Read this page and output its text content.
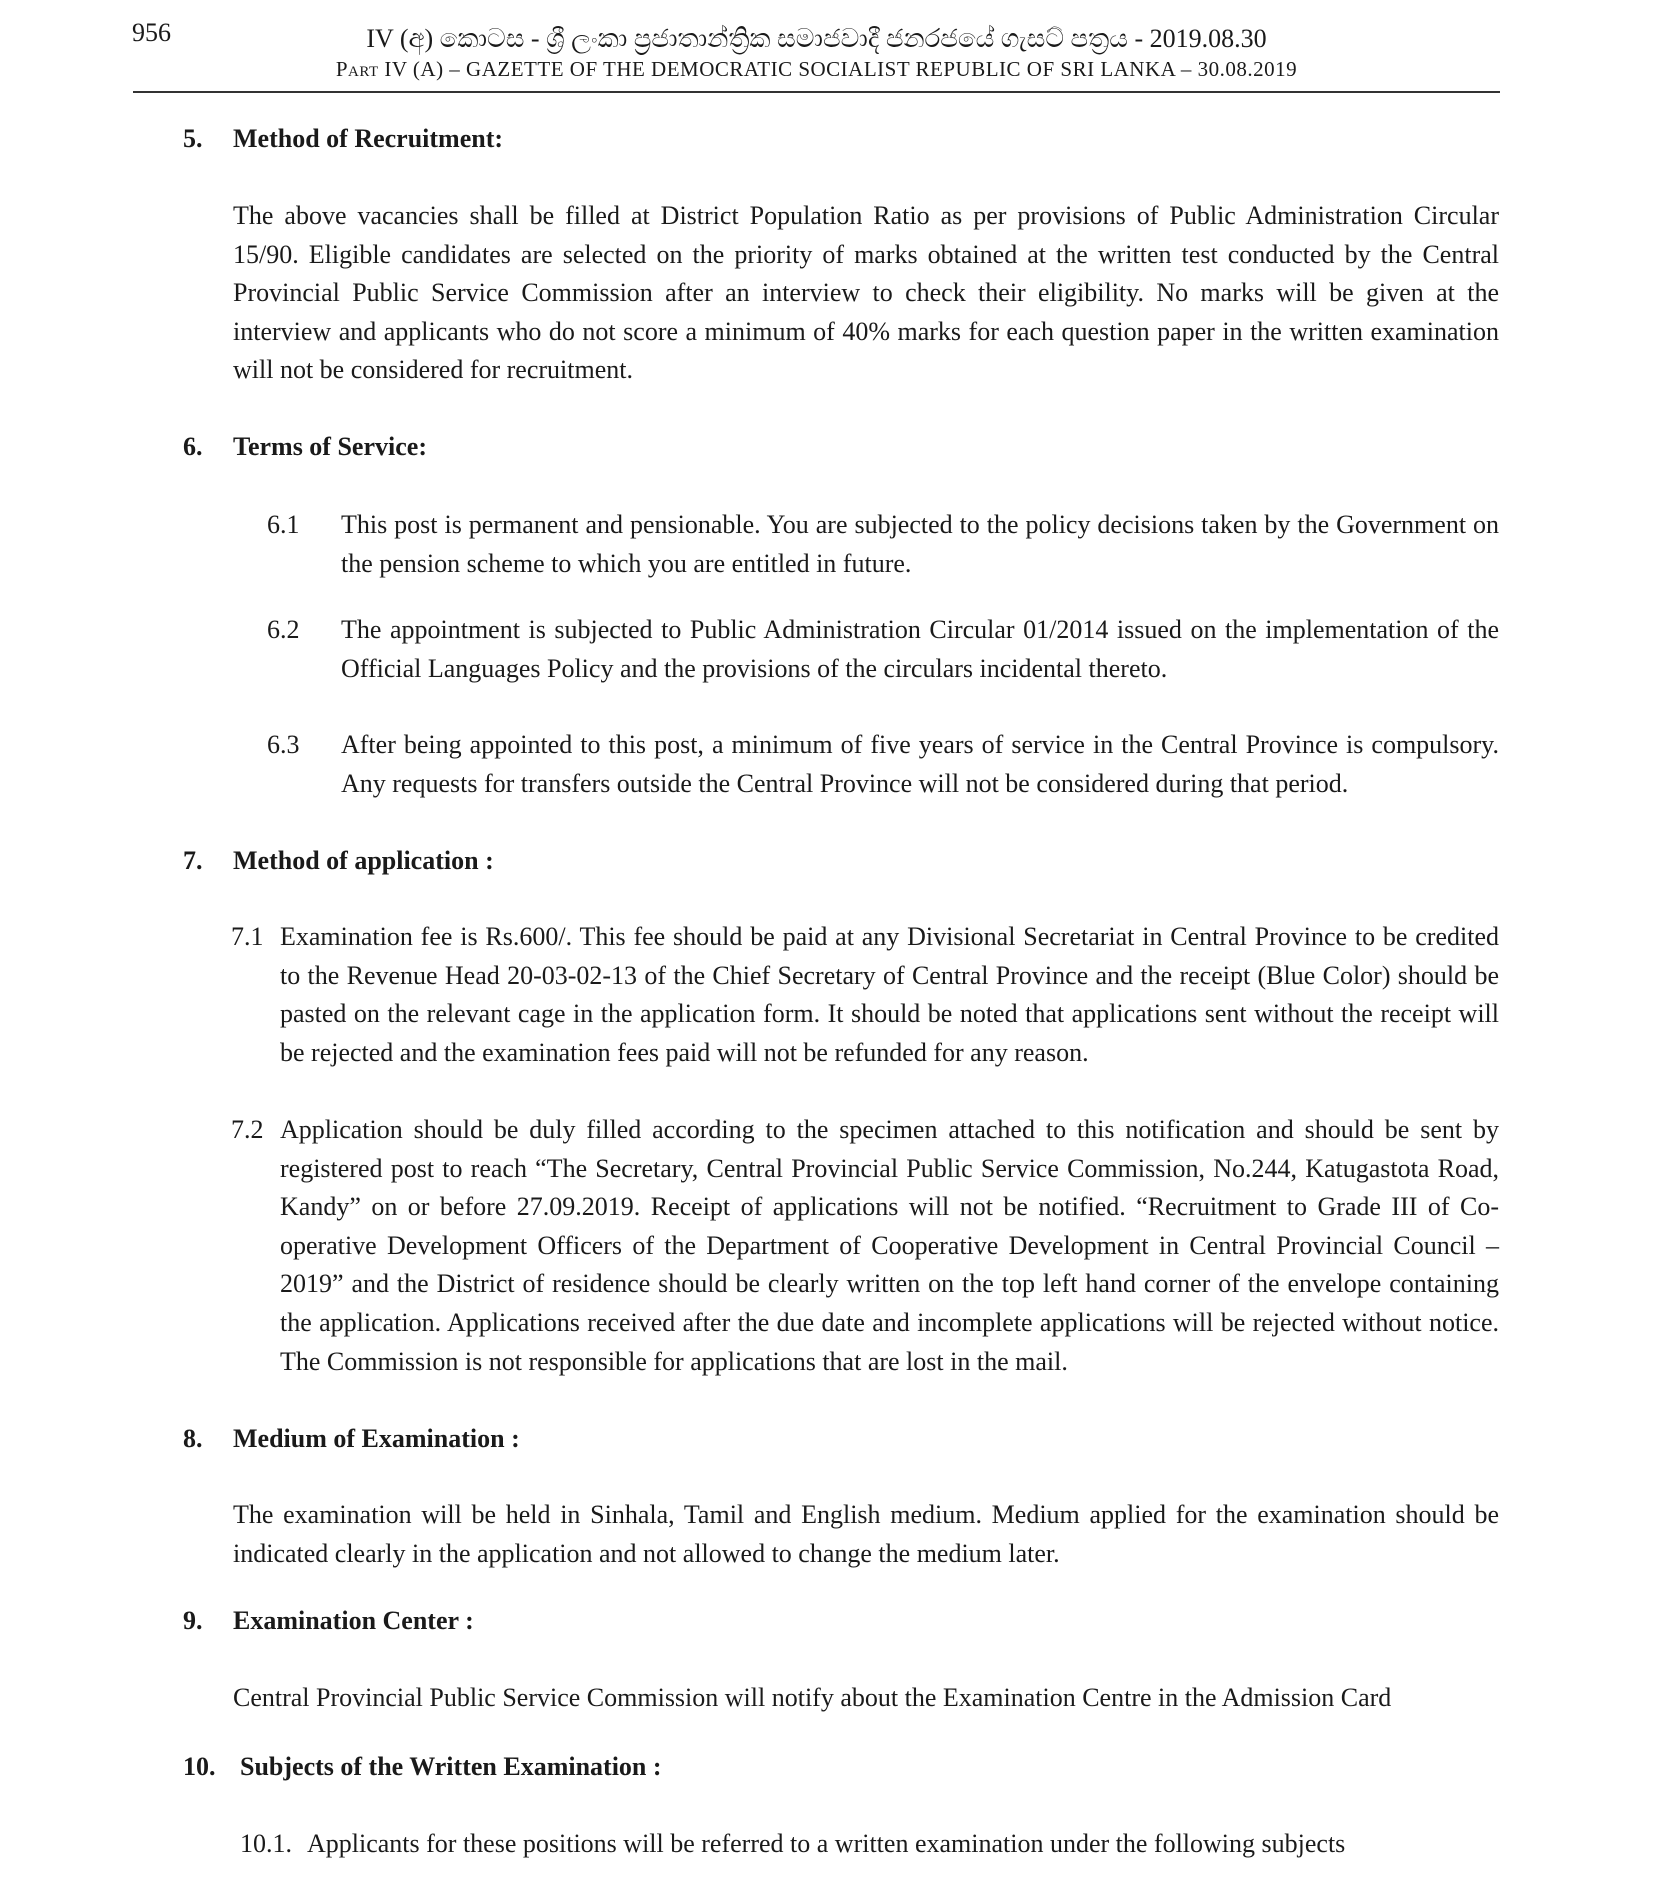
956	IV (අ) කොටස - ශ්‍රී ලංකා ප්‍රජාතාන්ත්‍රික සමාජවාදී ජනරජයේ ගැසට් පත්‍රය - 2019.08.30
Part IV (A) – GAZETTE OF THE DEMOCRATIC SOCIALIST REPUBLIC OF SRI LANKA – 30.08.2019
5. Method of Recruitment:
The above vacancies shall be filled at District Population Ratio as per provisions of Public Administration Circular 15/90. Eligible candidates are selected on the priority of marks obtained at the written test conducted by the Central Provincial Public Service Commission after an interview to check their eligibility. No marks will be given at the interview and applicants who do not score a minimum of 40% marks for each question paper in the written examination will not be considered for recruitment.
6. Terms of Service:
6.1 This post is permanent and pensionable. You are subjected to the policy decisions taken by the Government on the pension scheme to which you are entitled in future.
6.2 The appointment is subjected to Public Administration Circular 01/2014 issued on the implementation of the Official Languages Policy and the provisions of the circulars incidental thereto.
6.3 After being appointed to this post, a minimum of five years of service in the Central Province is compulsory. Any requests for transfers outside the Central Province will not be considered during that period.
7. Method of application :
7.1 Examination fee is Rs.600/. This fee should be paid at any Divisional Secretariat in Central Province to be credited to the Revenue Head 20-03-02-13 of the Chief Secretary of Central Province and the receipt (Blue Color) should be pasted on the relevant cage in the application form. It should be noted that applications sent without the receipt will be rejected and the examination fees paid will not be refunded for any reason.
7.2 Application should be duly filled according to the specimen attached to this notification and should be sent by registered post to reach “The Secretary, Central Provincial Public Service Commission, No.244, Katugastota Road, Kandy” on or before 27.09.2019. Receipt of applications will not be notified. “Recruitment to Grade III of Co-operative Development Officers of the Department of Cooperative Development in Central Provincial Council – 2019” and the District of residence should be clearly written on the top left hand corner of the envelope containing the application. Applications received after the due date and incomplete applications will be rejected without notice. The Commission is not responsible for applications that are lost in the mail.
8. Medium of Examination :
The examination will be held in Sinhala, Tamil and English medium. Medium applied for the examination should be indicated clearly in the application and not allowed to change the medium later.
9. Examination Center :
Central Provincial Public Service Commission will notify about the Examination Centre in the Admission Card
10. Subjects of the Written Examination :
10.1. Applicants for these positions will be referred to a written examination under the following subjects
